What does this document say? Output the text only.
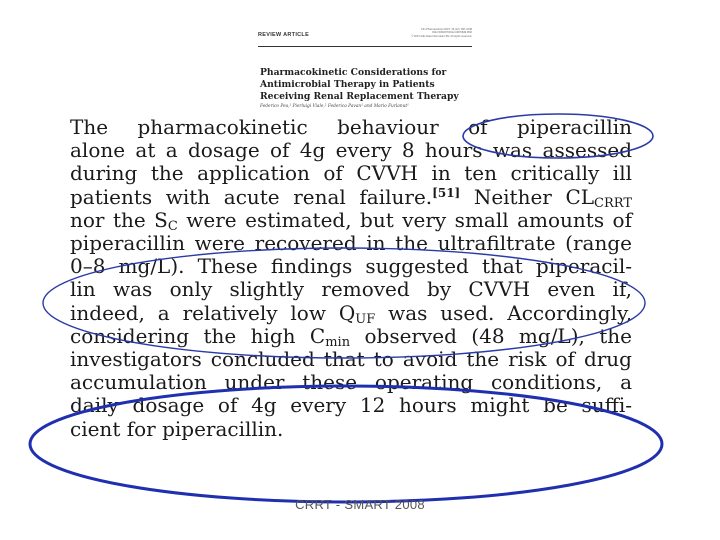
REVIEW ARTICLE
Clin Pharmacokinet 2007; 46 (12): 997-1038
0312-5963/07/0012-0997/$49.95/0
© 2007 Adis Data Information BV. All rights reserved.
Pharmacokinetic Considerations for
Antimicrobial Therapy in Patients
Receiving Renal Replacement Therapy
Federico Pea,¹ Pierluigi Viale,² Federica Pavan¹ and Mario Furlanut¹
The pharmacokinetic behaviour of piperacillin
alone at a dosage of 4g every 8 hours was assessed
during the application of CVVH in ten critically ill
patients with acute renal failure.[51] Neither $CL_{CRRT}$
nor the $S_C$ were estimated, but very small amounts of
piperacillin were recovered in the ultrafiltrate (range
0–8 mg/L). These findings suggested that piperacil-
lin was only slightly removed by CVVH even if,
indeed, a relatively low $Q_{UF}$ was used. Accordingly,
considering the high $C_{min}$ observed (48 mg/L), the
investigators concluded that to avoid the risk of drug
accumulation under these operating conditions, a
daily dosage of 4g every 12 hours might be suffi-
cient for piperacillin.
CRRT - SMART 2008
